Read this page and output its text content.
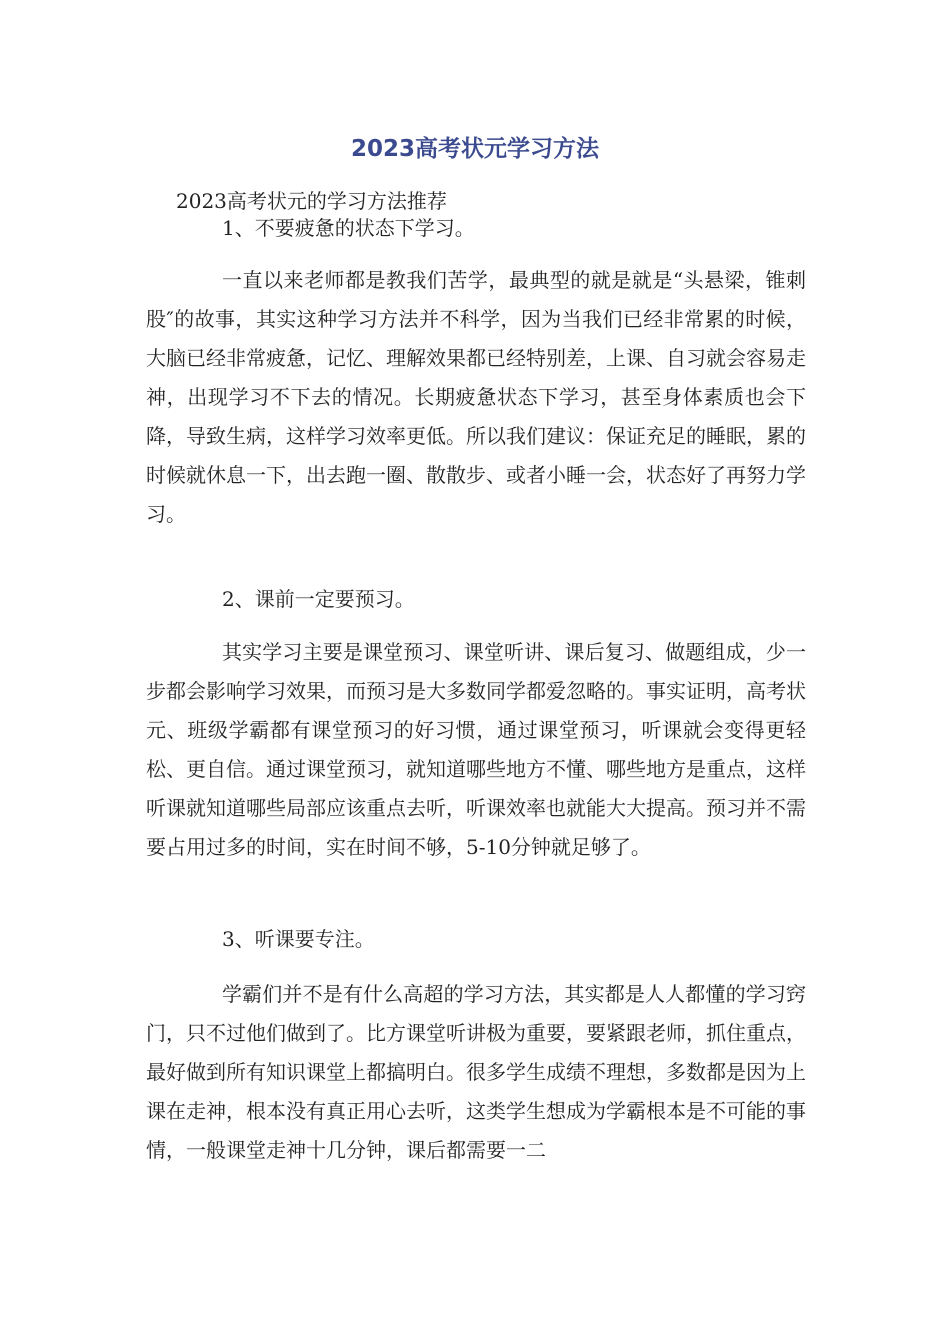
2023高考状元学习方法

2023高考状元的学习方法推荐

1、不要疲惫的状态下学习。

一直以来老师都是教我们苦学，最典型的就是就是“头悬梁，锥刺股″的故事，其实这种学习方法并不科学，因为当我们已经非常累的时候，大脑已经非常疲惫，记忆、理解效果都已经特别差，上课、自习就会容易走神，出现学习不下去的情况。长期疲惫状态下学习，甚至身体素质也会下降，导致生病，这样学习效率更低。所以我们建议：保证充足的睡眠，累的时候就休息一下，出去跑一圈、散散步、或者小睡一会，状态好了再努力学习。

2、课前一定要预习。

其实学习主要是课堂预习、课堂听讲、课后复习、做题组成，少一步都会影响学习效果，而预习是大多数同学都爱忽略的。事实证明，高考状元、班级学霸都有课堂预习的好习惯，通过课堂预习，听课就会变得更轻松、更自信。通过课堂预习，就知道哪些地方不懂、哪些地方是重点，这样听课就知道哪些局部应该重点去听，听课效率也就能大大提高。预习并不需要占用过多的时间，实在时间不够，5-10分钟就足够了。

3、听课要专注。

学霸们并不是有什么高超的学习方法，其实都是人人都懂的学习窍门，只不过他们做到了。比方课堂听讲极为重要，要紧跟老师，抓住重点，最好做到所有知识课堂上都搞明白。很多学生成绩不理想，多数都是因为上课在走神，根本没有真正用心去听，这类学生想成为学霸根本是不可能的事情，一般课堂走神十几分钟，课后都需要一二
